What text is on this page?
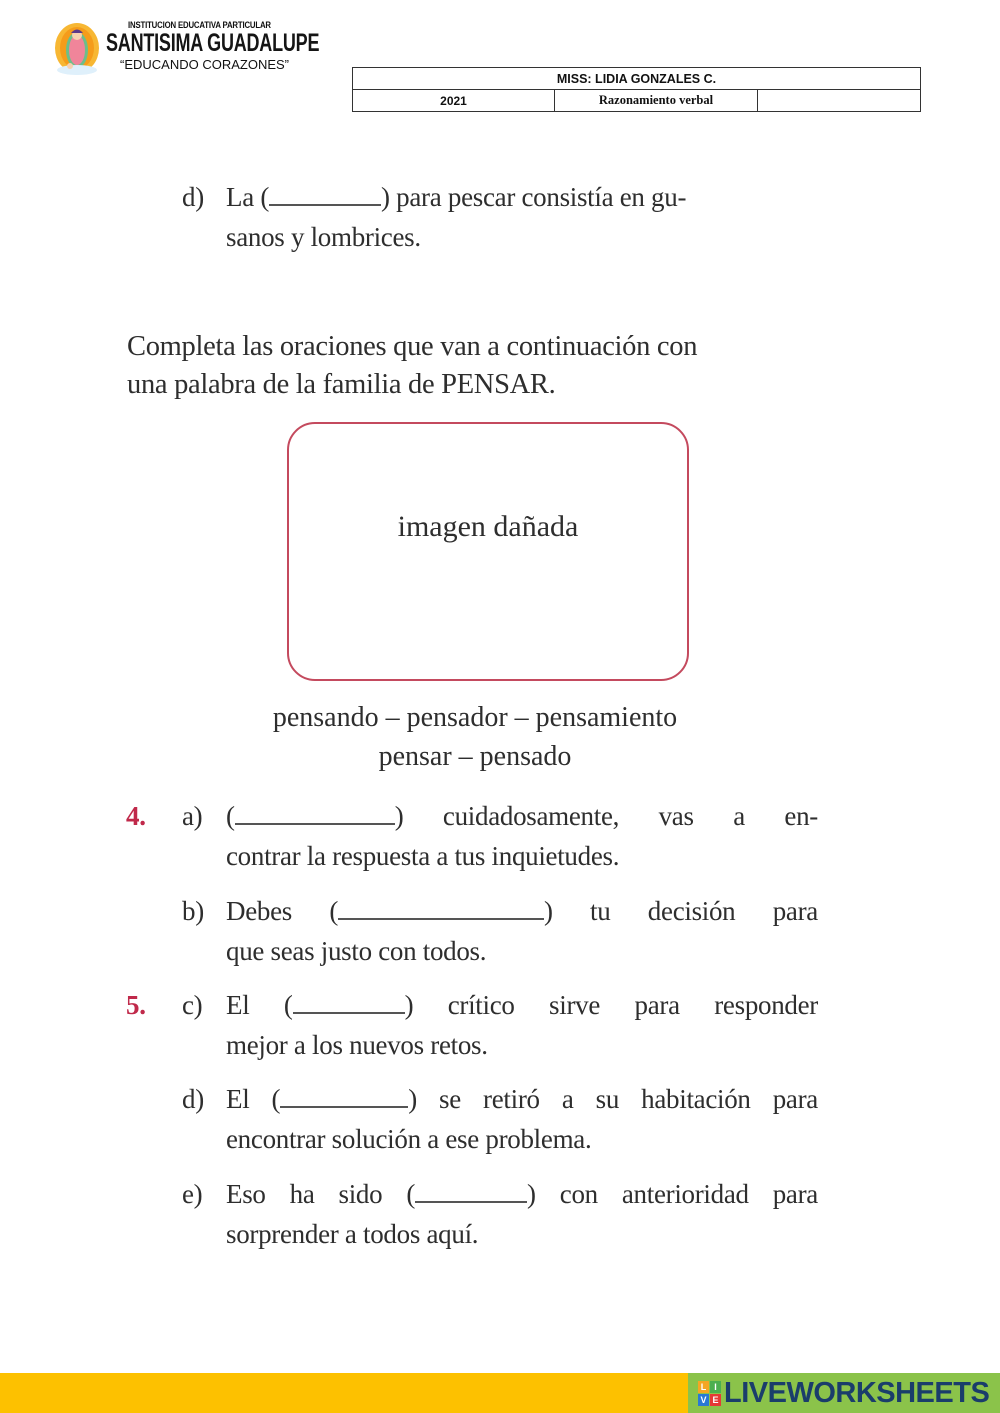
INSTITUCION EDUCATIVA PARTICULAR
SANTISIMA GUADALUPE
“EDUCANDO CORAZONES”
MISS: LIDIA GONZALES C.
2021	Razonamiento verbal	
d) La (	) para pescar consistía en gu-
sanos y lombrices.
Completa las oraciones que van a continuación con
una palabra de la familia de PENSAR.
imagen dañada
pensando – pensador – pensamiento
pensar – pensado
4. a) (	) cuidadosamente, vas a en-
contrar la respuesta a tus inquietudes.
b) Debes (	) tu decisión para
que seas justo con todos.
5. c) El (	) crítico sirve para responder
mejor a los nuevos retos.
d) El (	) se retiró a su habitación para
encontrar solución a ese problema.
e) Eso ha sido (	) con anterioridad para
sorprender a todos aquí.
L I
V E LIVEWORKSHEETS
